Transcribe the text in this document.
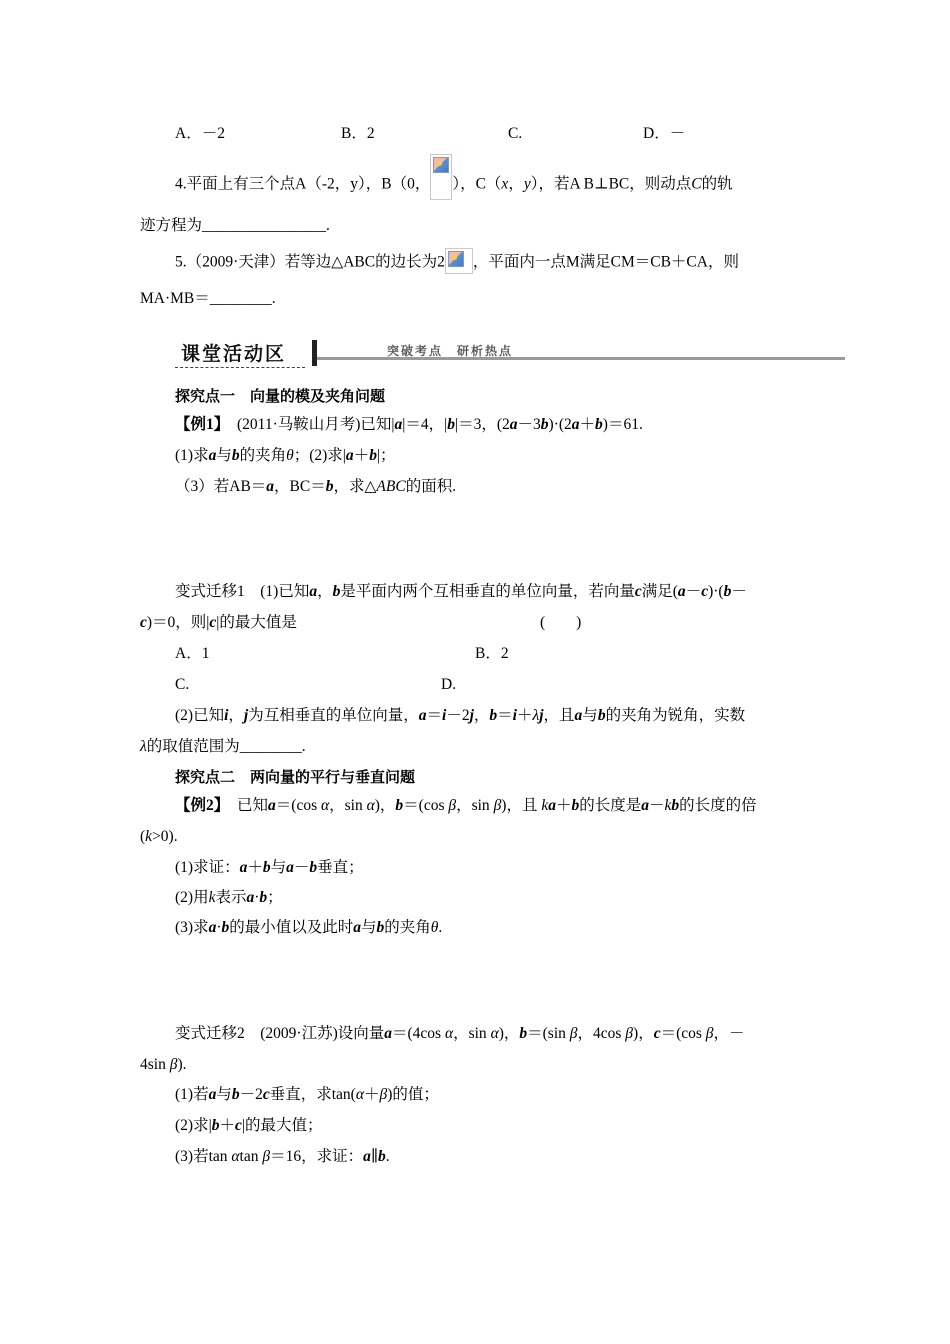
A．－2	B．2	C.	D．－
4.平面上有三个点A（-2，y），B（0， ），C（x，y），若A B⊥BC，则动点C的轨
迹方程为________________.
5.（2009·天津）若等边△ABC的边长为2 ，平面内一点M满足CM＝CB＋CA，则
MA·MB＝________.
课堂活动区	突破考点　研析热点
探究点一　向量的模及夹角问题
【例1】 (2011·马鞍山月考)已知|a|＝4，|b|＝3，(2a－3b)·(2a＋b)＝61.
(1)求a与b的夹角θ；(2)求|a＋b|；
（3）若AB＝a，BC＝b，求△ABC的面积.
变式迁移1　(1)已知a，b是平面内两个互相垂直的单位向量，若向量c满足(a－c)·(b－
c)＝0，则|c|的最大值是	(　　)
A．1	B．2
C.	D.
(2)已知i，j为互相垂直的单位向量，a＝i－2j，b＝i＋λj，且a与b的夹角为锐角，实数
λ的取值范围为________.
探究点二　两向量的平行与垂直问题
【例2】 已知a＝(cos α，sin α)，b＝(cos β，sin β)，且 ka＋b的长度是a－kb的长度的倍
(k>0).
(1)求证：a＋b与a－b垂直；
(2)用k表示a·b；
(3)求a·b的最小值以及此时a与b的夹角θ.
变式迁移2　(2009·江苏)设向量a＝(4cos α，sin α)，b＝(sin β，4cos β)，c＝(cos β，－
4sin β).
(1)若a与b－2c垂直，求tan(α＋β)的值；
(2)求|b＋c|的最大值；
(3)若tan αtan β＝16，求证：a∥b.
